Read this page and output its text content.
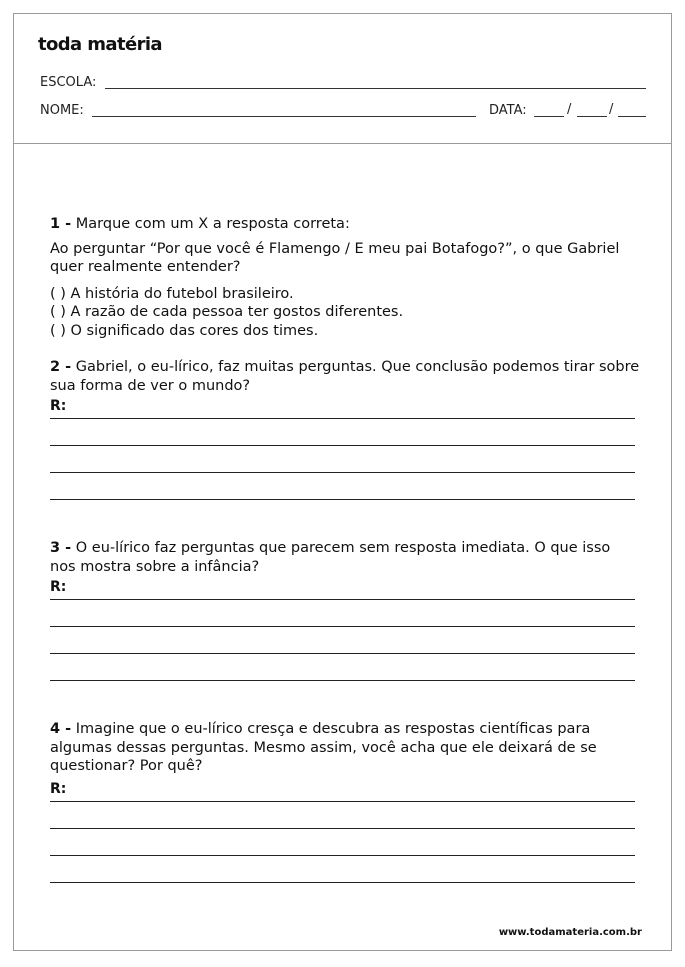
toda matéria
ESCOLA:
NOME:	DATA:	/	/
1 - Marque com um X a resposta correta:
Ao perguntar “Por que você é Flamengo / E meu pai Botafogo?”, o que Gabriel quer realmente entender?
( ) A história do futebol brasileiro.
( ) A razão de cada pessoa ter gostos diferentes.
( ) O significado das cores dos times.
2 - Gabriel, o eu-lírico, faz muitas perguntas. Que conclusão podemos tirar sobre sua forma de ver o mundo?
R:
3 - O eu-lírico faz perguntas que parecem sem resposta imediata. O que isso nos mostra sobre a infância?
R:
4 - Imagine que o eu-lírico cresça e descubra as respostas científicas para algumas dessas perguntas. Mesmo assim, você acha que ele deixará de se questionar? Por quê?
R:
www.todamateria.com.br
